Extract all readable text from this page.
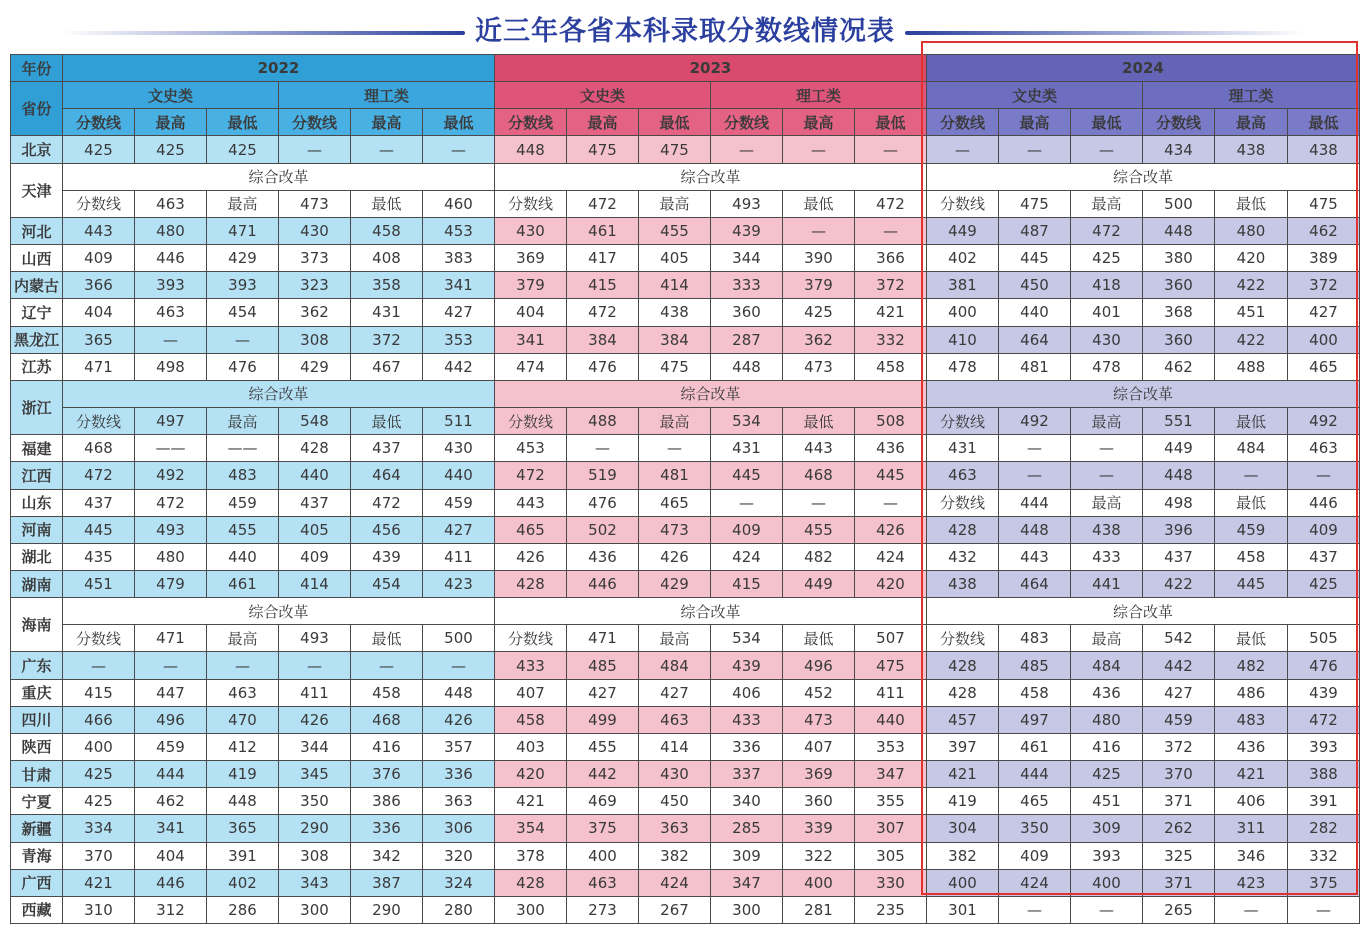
近三年各省本科录取分数线情况表
年份	2022						2023						2024					
省份	文史类			理工类			文史类			理工类			文史类			理工类		
	分数线	最高	最低	分数线	最高	最低	分数线	最高	最低	分数线	最高	最低	分数线	最高	最低	分数线	最高	最低
北京	425	425	425	—	—	—	448	475	475	—	—	—	—	—	—	434	438	438
天津	综合改革						综合改革						综合改革					
	分数线	463	最高	473	最低	460	分数线	472	最高	493	最低	472	分数线	475	最高	500	最低	475
河北	443	480	471	430	458	453	430	461	455	439	—	—	449	487	472	448	480	462
山西	409	446	429	373	408	383	369	417	405	344	390	366	402	445	425	380	420	389
内蒙古	366	393	393	323	358	341	379	415	414	333	379	372	381	450	418	360	422	372
辽宁	404	463	454	362	431	427	404	472	438	360	425	421	400	440	401	368	451	427
黑龙江	365	—	—	308	372	353	341	384	384	287	362	332	410	464	430	360	422	400
江苏	471	498	476	429	467	442	474	476	475	448	473	458	478	481	478	462	488	465
浙江	综合改革						综合改革						综合改革					
	分数线	497	最高	548	最低	511	分数线	488	最高	534	最低	508	分数线	492	最高	551	最低	492
福建	468	——	——	428	437	430	453	—	—	431	443	436	431	—	—	449	484	463
江西	472	492	483	440	464	440	472	519	481	445	468	445	463	—	—	448	—	—
山东	437	472	459	437	472	459	443	476	465	—	—	—	分数线	444	最高	498	最低	446
河南	445	493	455	405	456	427	465	502	473	409	455	426	428	448	438	396	459	409
湖北	435	480	440	409	439	411	426	436	426	424	482	424	432	443	433	437	458	437
湖南	451	479	461	414	454	423	428	446	429	415	449	420	438	464	441	422	445	425
海南	综合改革						综合改革						综合改革					
	分数线	471	最高	493	最低	500	分数线	471	最高	534	最低	507	分数线	483	最高	542	最低	505
广东	—	—	—	—	—	—	433	485	484	439	496	475	428	485	484	442	482	476
重庆	415	447	463	411	458	448	407	427	427	406	452	411	428	458	436	427	486	439
四川	466	496	470	426	468	426	458	499	463	433	473	440	457	497	480	459	483	472
陕西	400	459	412	344	416	357	403	455	414	336	407	353	397	461	416	372	436	393
甘肃	425	444	419	345	376	336	420	442	430	337	369	347	421	444	425	370	421	388
宁夏	425	462	448	350	386	363	421	469	450	340	360	355	419	465	451	371	406	391
新疆	334	341	365	290	336	306	354	375	363	285	339	307	304	350	309	262	311	282
青海	370	404	391	308	342	320	378	400	382	309	322	305	382	409	393	325	346	332
广西	421	446	402	343	387	324	428	463	424	347	400	330	400	424	400	371	423	375
西藏	310	312	286	300	290	280	300	273	267	300	281	235	301	—	—	265	—	—
